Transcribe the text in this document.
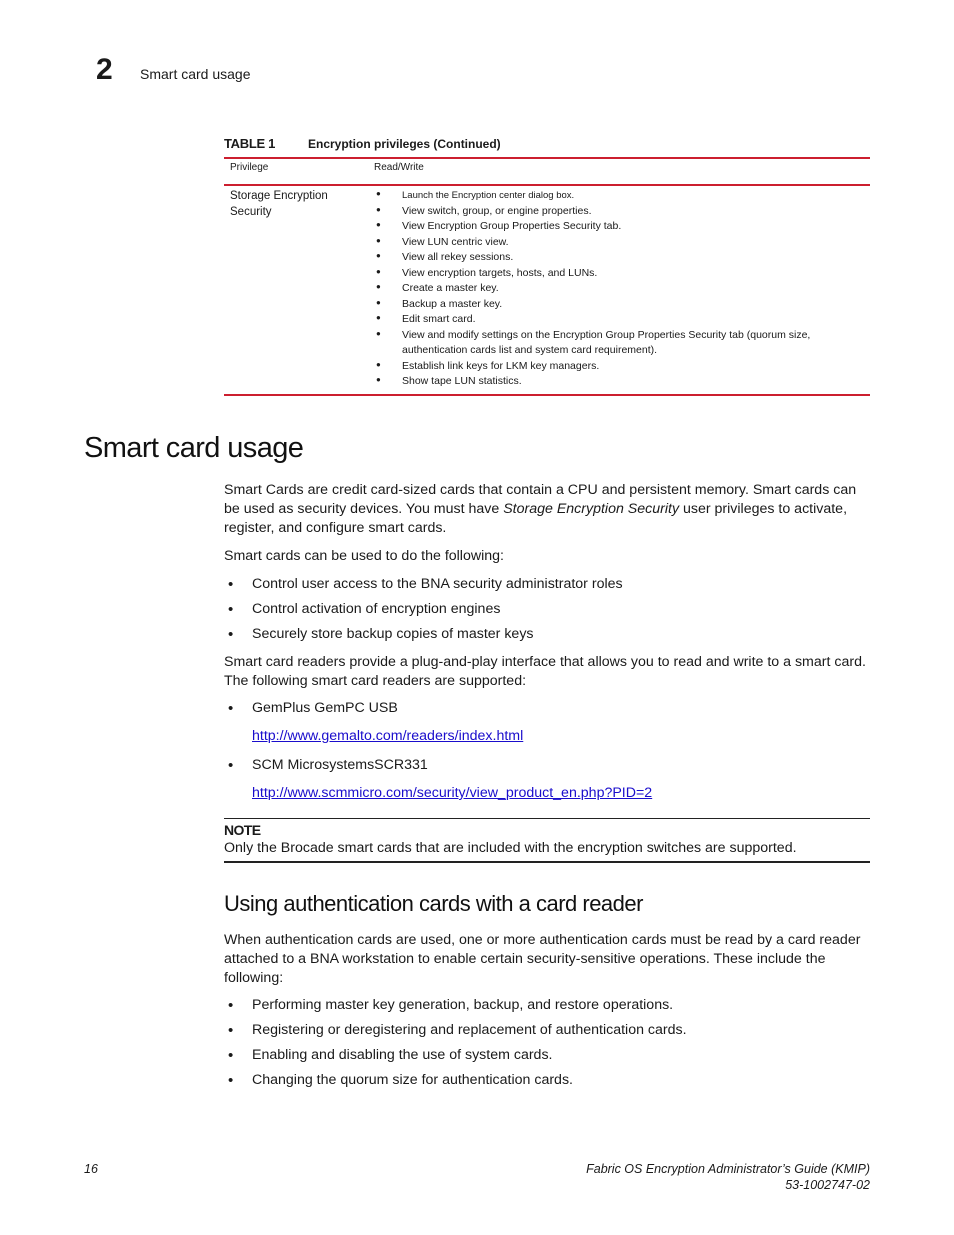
2 Smart card usage
TABLE 1	Encryption privileges (Continued)
Privilege	Read/Write
Storage Encryption Security
● Launch the Encryption center dialog box.
● View switch, group, or engine properties.
● View Encryption Group Properties Security tab.
● View LUN centric view.
● View all rekey sessions.
● View encryption targets, hosts, and LUNs.
● Create a master key.
● Backup a master key.
● Edit smart card.
● View and modify settings on the Encryption Group Properties Security tab (quorum size, authentication cards list and system card requirement).
● Establish link keys for LKM key managers.
● Show tape LUN statistics.
Smart card usage

Smart Cards are credit card-sized cards that contain a CPU and persistent memory. Smart cards can be used as security devices. You must have Storage Encryption Security user privileges to activate, register, and configure smart cards.

Smart cards can be used to do the following:

• Control user access to the BNA security administrator roles
• Control activation of encryption engines
• Securely store backup copies of master keys

Smart card readers provide a plug-and-play interface that allows you to read and write to a smart card. The following smart card readers are supported:

• GemPlus GemPC USB
http://www.gemalto.com/readers/index.html
• SCM MicrosystemsSCR331
http://www.scmmicro.com/security/view_product_en.php?PID=2
NOTE

Only the Brocade smart cards that are included with the encryption switches are supported.

Using authentication cards with a card reader

When authentication cards are used, one or more authentication cards must be read by a card reader attached to a BNA workstation to enable certain security-sensitive operations. These include the following:

• Performing master key generation, backup, and restore operations.
• Registering or deregistering and replacement of authentication cards.
• Enabling and disabling the use of system cards.
• Changing the quorum size for authentication cards.
16	Fabric OS Encryption Administrator’s Guide (KMIP)
53-1002747-02
